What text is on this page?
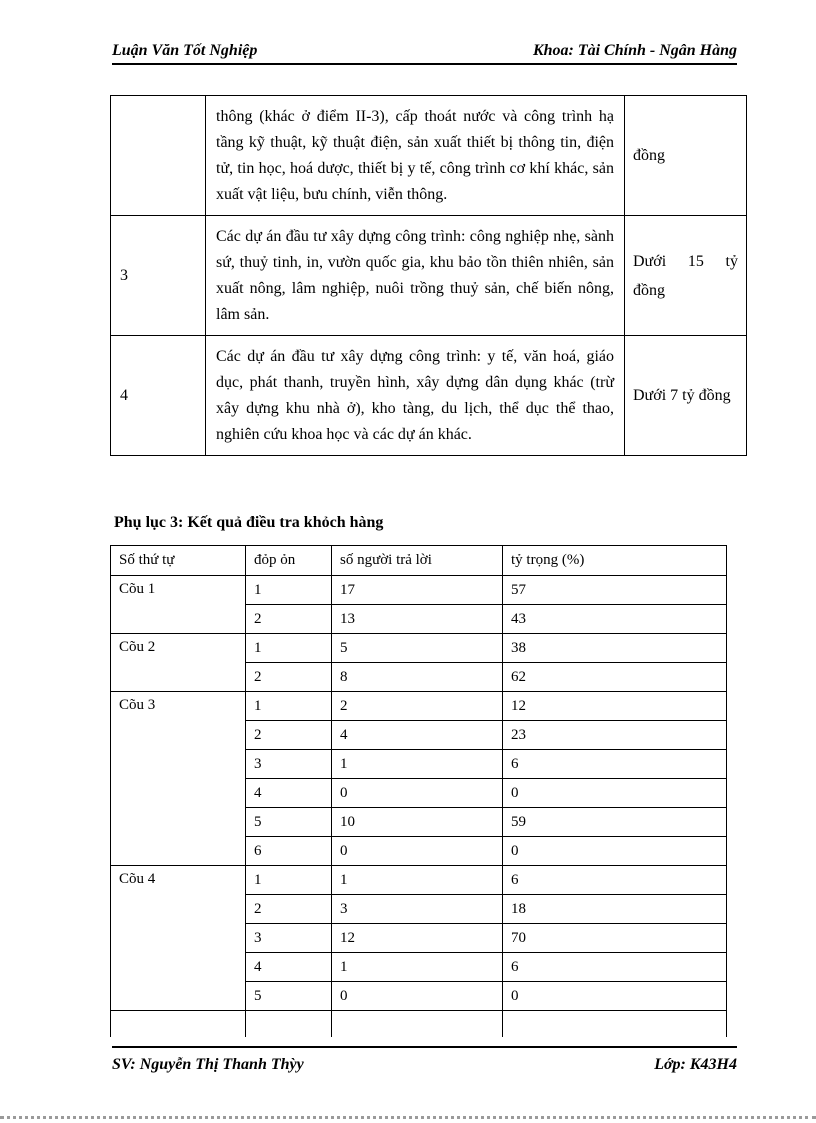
Luận Văn Tốt Nghiệp	Khoa: Tài Chính - Ngân Hàng
	thông (khác ở điểm II-3), cấp thoát nước và công trình hạ tầng kỹ thuật, kỹ thuật điện, sản xuất thiết bị thông tin, điện tử, tin học, hoá dược, thiết bị y tế, công trình cơ khí khác, sản xuất vật liệu, bưu chính, viễn thông.	đồng
3	Các dự án đầu tư xây dựng công trình: công nghiệp nhẹ, sành sứ, thuỷ tinh, in, vườn quốc gia, khu bảo tồn thiên nhiên, sản xuất nông, lâm nghiệp, nuôi trồng thuỷ sản, chế biến nông, lâm sản.	Dưới 15 tỷ đồng
4	Các dự án đầu tư xây dựng công trình: y tế, văn hoá, giáo dục, phát thanh, truyền hình, xây dựng dân dụng khác (trừ xây dựng khu nhà ở), kho tàng, du lịch, thể dục thể thao, nghiên cứu khoa học và các dự án khác.	Dưới 7 tỷ đồng
Phụ lục 3: Kết quả điều tra khỏch hàng
Số thứ tự	đỏp ỏn	số người trả lời	tỷ trọng (%)
Cõu 1	1	17	57
	2	13	43
Cõu 2	1	5	38
	2	8	62
Cõu 3	1	2	12
	2	4	23
	3	1	6
	4	0	0
	5	10	59
	6	0	0
Cõu 4	1	1	6
	2	3	18
	3	12	70
	4	1	6
	5	0	0

SV: Nguyễn Thị Thanh Thỳy	Lớp: K43H4
